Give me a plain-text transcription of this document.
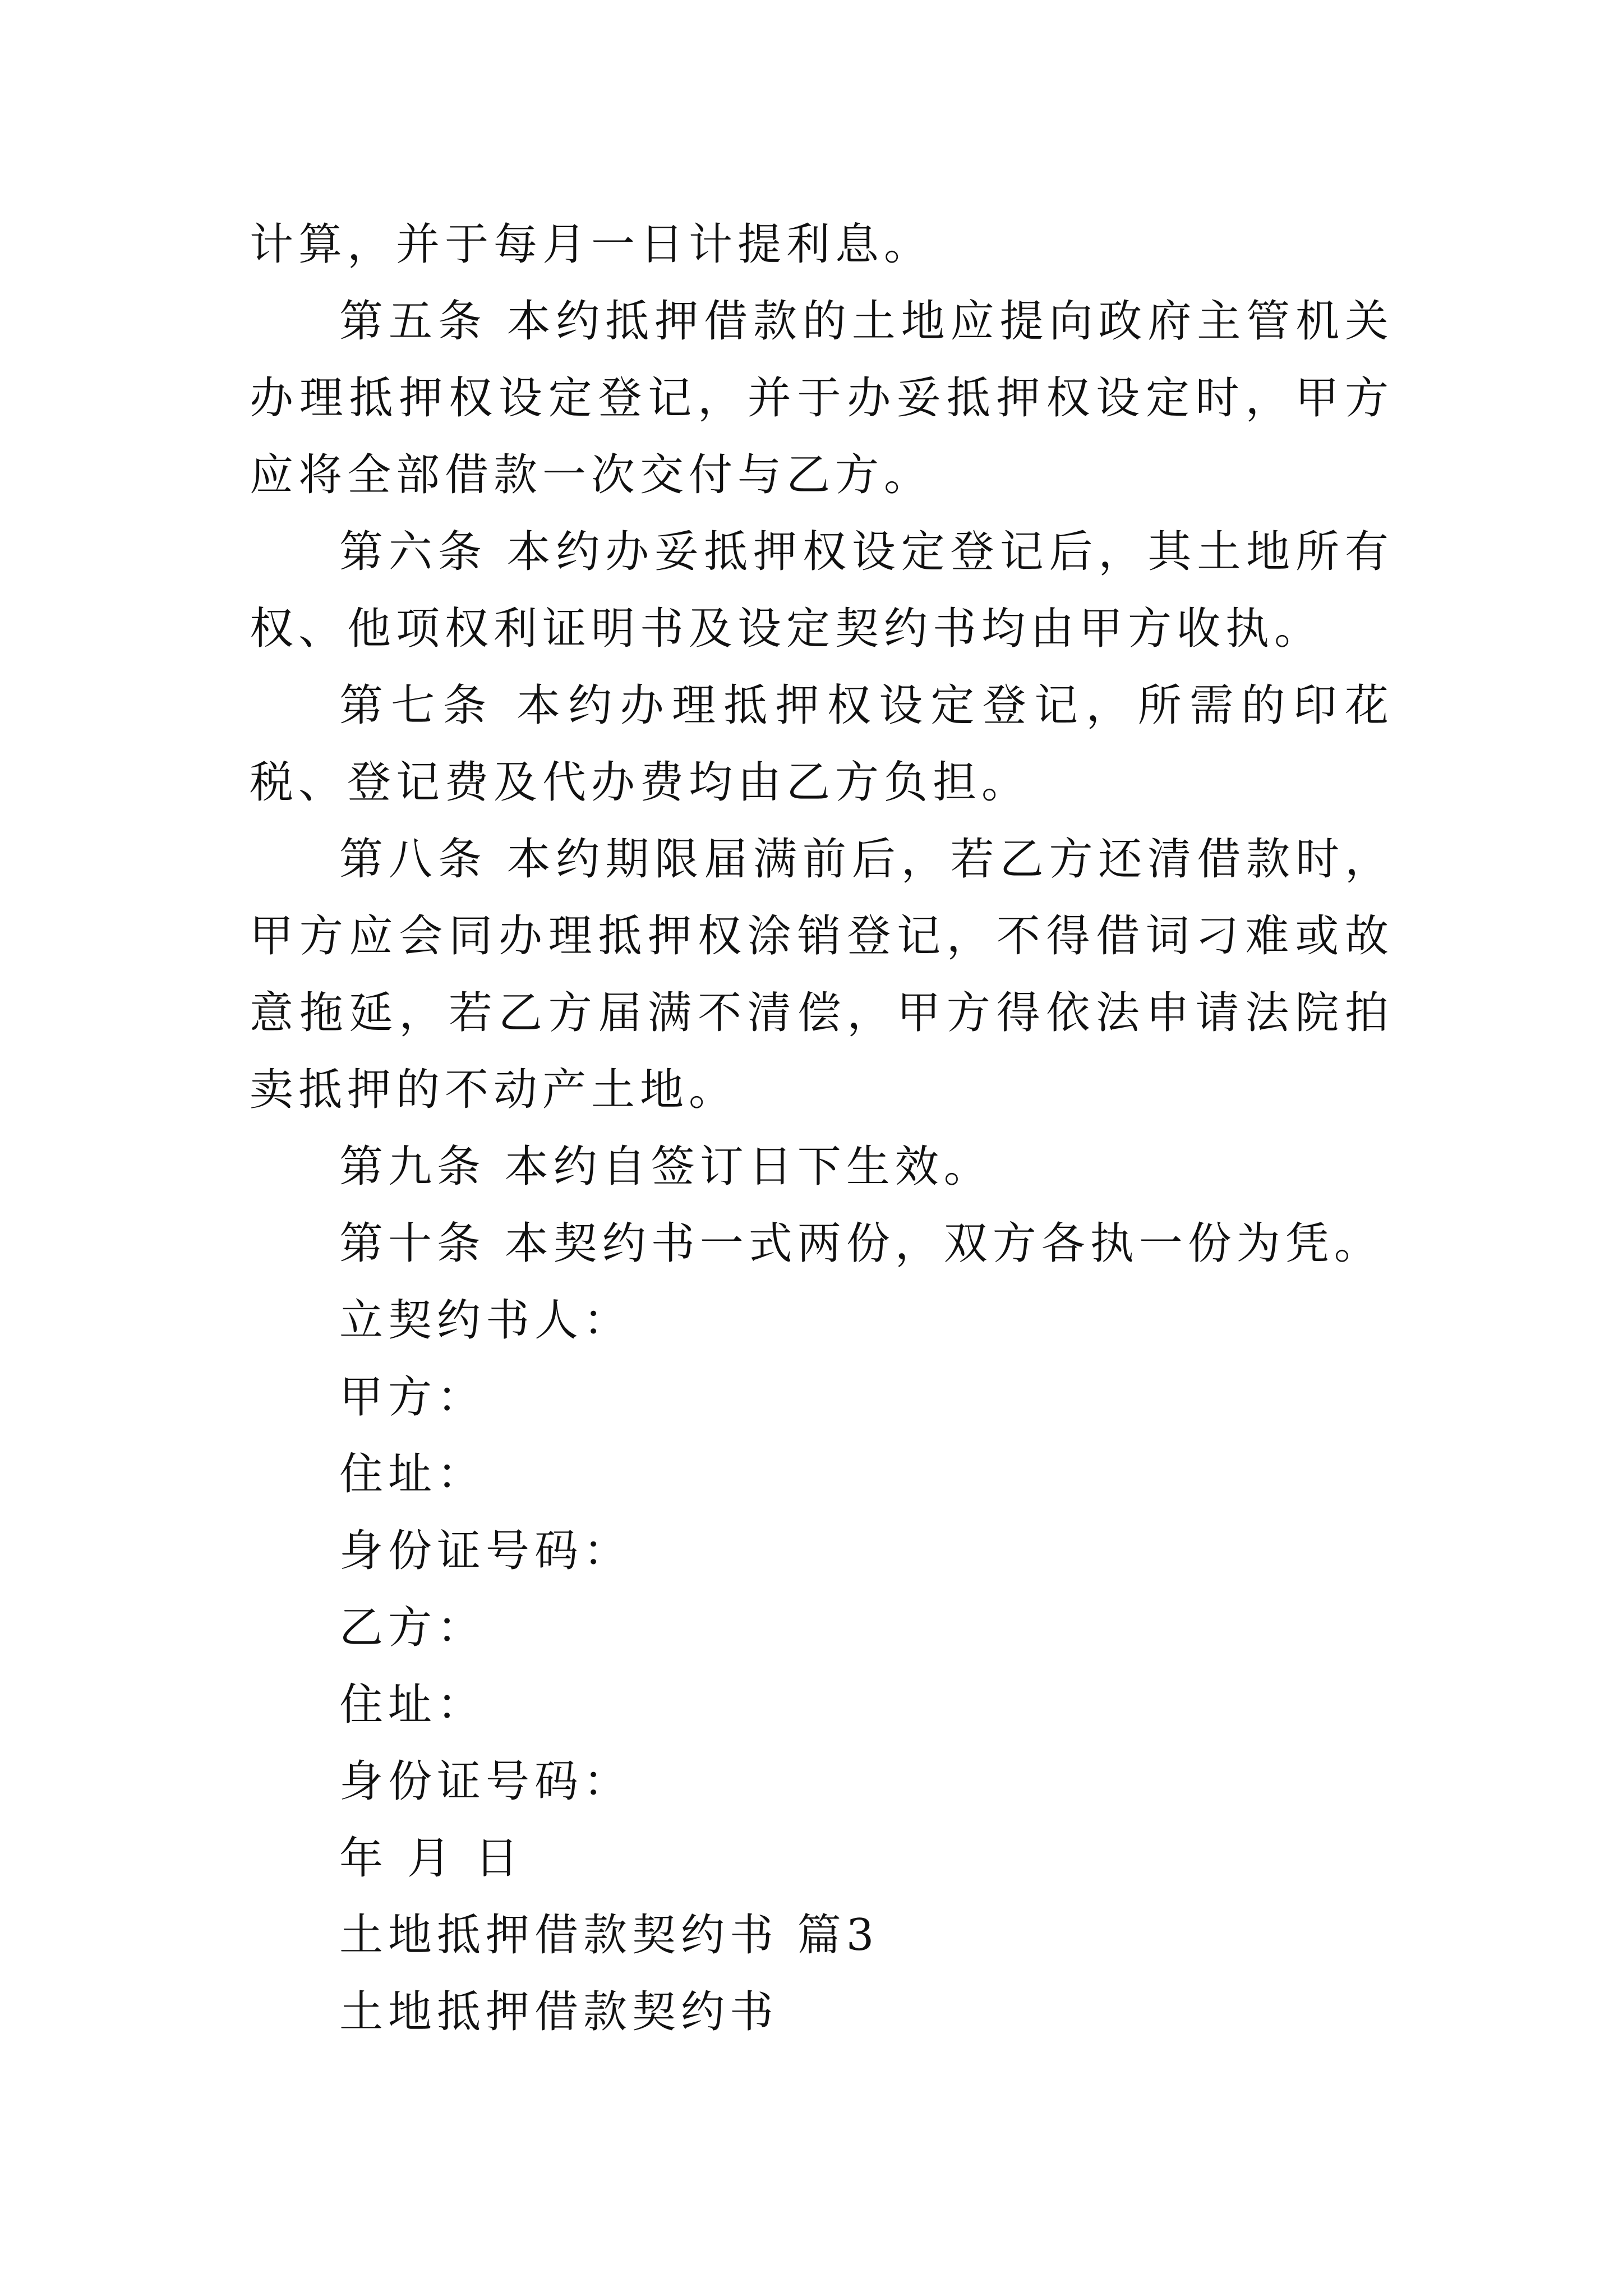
计算，并于每月一日计提利息。

第五条 本约抵押借款的土地应提向政府主管机关办理抵押权设定登记，并于办妥抵押权设定时，甲方应将全部借款一次交付与乙方。

第六条 本约办妥抵押权设定登记后，其土地所有权、他项权利证明书及设定契约书均由甲方收执。

第七条 本约办理抵押权设定登记，所需的印花税、登记费及代办费均由乙方负担。

第八条 本约期限届满前后，若乙方还清借款时，甲方应会同办理抵押权涂销登记，不得借词刁难或故意拖延，若乙方届满不清偿，甲方得依法申请法院拍卖抵押的不动产土地。

第九条 本约自签订日下生效。

第十条 本契约书一式两份，双方各执一份为凭。

立契约书人：

甲方：

住址：

身份证号码：

乙方：

住址：

身份证号码：

年 月 日

土地抵押借款契约书 篇3

土地抵押借款契约书
